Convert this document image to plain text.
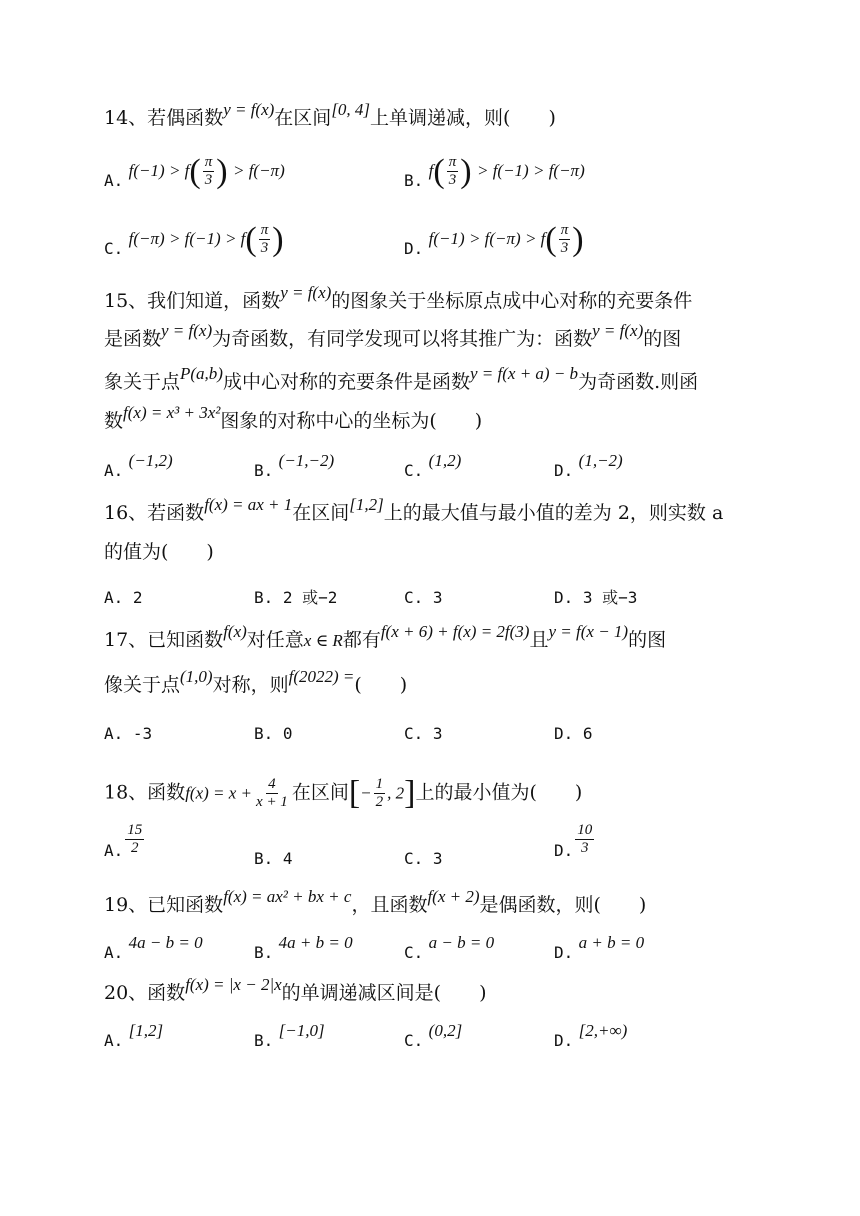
14、若偶函数y = f(x)在区间[0, 4]上单调递减，则(　　)
A. $f(-1) > f( \frac{\pi}{3}$ ) > f(−π)
B. $f( \frac{\pi}{3}$ ) > f(−1) > f(−π)
C. $f(-\pi) > f(-1) > f( \frac{\pi}{3}$ )	D. $f(-1) > f(-\pi) > f( \frac{\pi}{3}$ )
15、我们知道，函数y = f(x)的图象关于坐标原点成中心对称的充要条件
是函数y = f(x)为奇函数，有同学发现可以将其推广为：函数y = f(x)的图
象关于点P(a,b)成中心对称的充要条件是函数y = f(x + a) − b为奇函数.则函
数f(x) = x³ + 3x²图象的对称中心的坐标为(　　)
A. (−1,2)
B. (−1,−2)
C. (1,2)
D. (1,−2)
16、若函数f(x) = ax + 1在区间[1,2]上的最大值与最小值的差为 2，则实数 a
的值为(　　)
A. 2	B. 2 或−2	C. 3	D. 3 或−3
17、已知函数f(x)对任意x ∈ R都有f(x + 6) + f(x) = 2f(3)且y = f(x − 1)的图
像关于点(1,0)对称，则f(2022) =(　　)
A. -3	B. 0	C. 3	D. 6
18、函数$f(x) = x + \frac{4}{x + 1}$ 在区间[− $\frac{1}{2}$ , 2]上的最小值为(　　)
A. $\frac{15}{2}$
B. 4	C. 3	D. $\frac{10}{3}$
19、已知函数f(x) = ax² + bx + c，且函数f(x + 2)是偶函数，则(　　)
A. 4a − b = 0
B. 4a + b = 0
C. a − b = 0
D. a + b = 0
20、函数f(x) = |x − 2|x的单调递减区间是(　　)
A. [1,2]
B. [−1,0]
C. (0,2]
D. [2,+∞)
